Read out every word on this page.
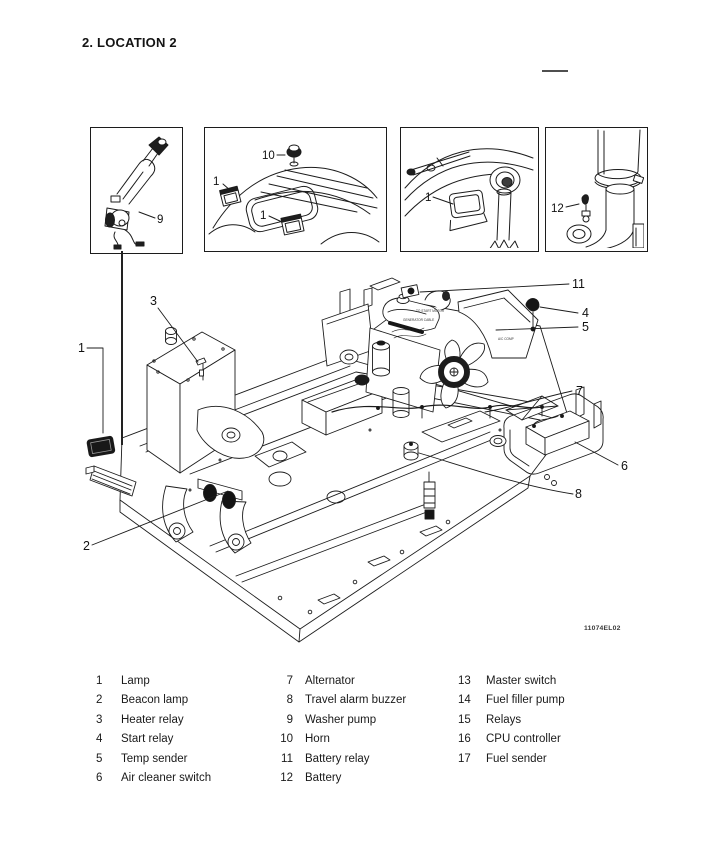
2. LOCATION 2
9
10
1
1
1
12
3
1
2
11
4
5
7
6
8
TO START MOTOR
GENERATOR CABLE
A/C COMP
11074EL02
1	Lamp
2	Beacon lamp
3	Heater relay
4	Start relay
5	Temp sender
6	Air cleaner switch
7 Alternator
8 Travel alarm buzzer
9 Washer pump
10 Horn
11 Battery relay
12 Battery
13 Master switch
14 Fuel filler pump
15 Relays
16 CPU controller
17 Fuel sender
